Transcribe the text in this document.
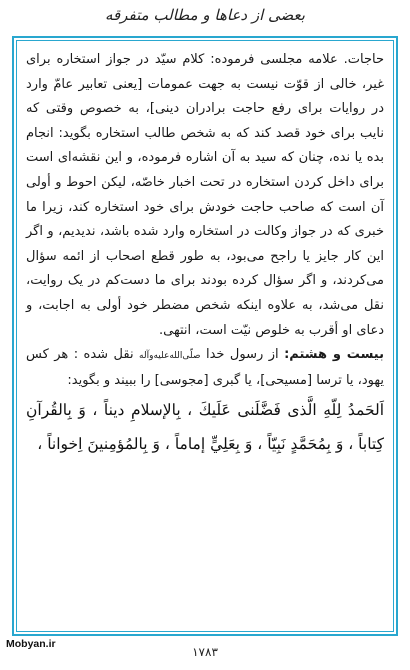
بعضى از دعاها و مطالب متفرقه

حاجات. علامه مجلسى فرموده: كلام سيّد در جواز استخاره براى غير، خالى از قوّت نيست به جهت عمومات [يعنى تعابير عامّ وارد در روايات براى رفع حاجت برادران دينى]، به خصوص وقتى كه نايب براى خود قصد كند كه به شخص طالب استخاره بگويد: انجام بده يا نده، چنان كه سيد به آن اشاره فرموده، و اين نقشه‌اى است براى داخل كردن استخاره در تحت اخبار خاصّه، ليكن احوط و أولى آن است كه صاحب حاجت خودش براى خود استخاره كند، زيرا ما خبرى كه در جواز وكالت در استخاره وارد شده باشد، نديديم، و اگر اين كار جايز يا راجح مى‌بود، به طور قطع اصحاب از ائمه سؤال مى‌كردند، و اگر سؤال كرده بودند براى ما دست‌كم در يک روايت، نقل مى‌شد، به علاوه اينكه شخص مضطر خود أولى به اجابت، و دعاى او أقرب به خلوص نيّت است، انتهى.

بيست و هشتم: از رسول خدا صلّى‌الله‌عليه‌وآله نقل شده : هر كس يهود، يا ترسا [مسيحى]، يا گبرى [مجوسى] را ببيند و بگويد:

اَلحَمدُ لِلّهِ الَّذى فَضَّلَنى عَلَيكَ ، بِالإسلامِ ديناً ، وَ بِالقُرآنِ كِتاباً ، وَ بِمُحَمَّدٍ نَبِيّاً ، وَ بِعَلِيٍّ إماماً ، وَ بِالمُؤمِنينَ اِخواناً ،

Mobyan.ir
١٧٨٣
